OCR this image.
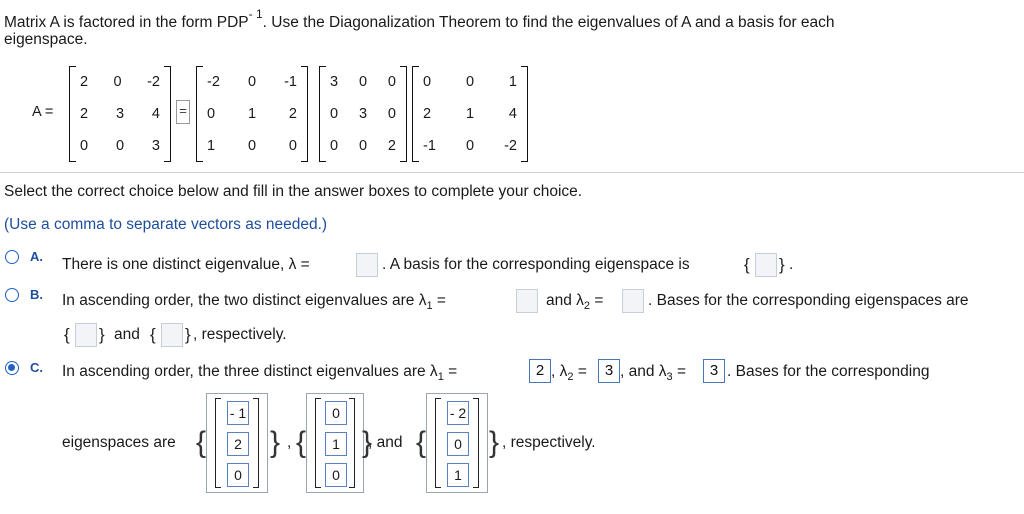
Matrix A is factored in the form $PDP^{- 1}$. Use the Diagonalization Theorem to find the eigenvalues of A and a basis for each
eigenspace.
A =
2 0 -2
2 3 4
0 0 3
=
-2 0 -1
0 1 2
1 0 0
3 0 0
0 3 0
0 0 2
0 0 1
2 1 4
-1 0 -2
Select the correct choice below and fill in the answer boxes to complete your choice.
(Use a comma to separate vectors as needed.)
A. There is one distinct eigenvalue, λ =	. A basis for the corresponding eigenspace is	{ } .
B. In ascending order, the two distinct eigenvalues are $\lambda_1$ =	and $\lambda_2$ =	. Bases for the corresponding eigenspaces are
{ } and { } , respectively.
C. In ascending order, the three distinct eigenvalues are $\lambda_1$ =	2 , $\lambda_2$ =	3 , and $\lambda_3$ =	3 . Bases for the corresponding
eigenspaces are {
- 1
2
0
} , {
0
1
0
}
, and {
- 2
0
1
} , respectively.
